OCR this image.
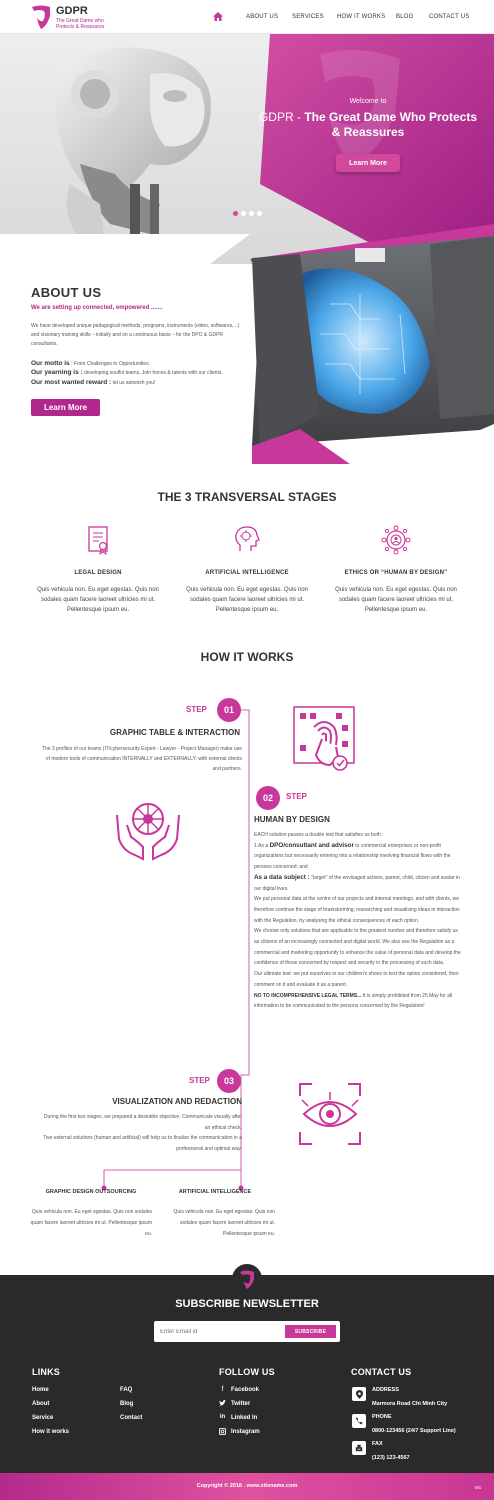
GDPR
The Great Dame who Protects & Reassures
ABOUT US SERVICES HOW IT WORKS BLOG	CONTACT US
Welcome to
GDPR - The Great Dame Who Protects & Reassures
Learn More
ABOUT US
We are setting up connected, empowered .......
We have developed unique pedagogical methods, programs, instruments (video, softwares,...) and visionary training skills – initially and on a continuous basis – for the DPO & GDPR consultants.
Our motto is : From Challenges to Opportunities.
Our yearning is : developing soulful teams, Join forces & talents with our clients.
Our most wanted reward : let us astonish you!
Learn More
THE 3 TRANSVERSAL STAGES
LEGAL DESIGN
Quis vehicula non. Eu eget egestas. Quis non sodales quam facere laoreet ultricies mi ut. Pellentesque ipsum eu.
ARTIFICIAL INTELLIGENCE
Quis vehicula non. Eu eget egestas. Quis non sodales quam facere laoreet ultricies mi ut. Pellentesque ipsum eu.
ETHICS OR “HUMAN BY DESIGN”
Quis vehicula non. Eu eget egestas. Quis non sodales quam facere laoreet ultricies mi ut. Pellentesque ipsum eu.
HOW IT WORKS
STEP	01
GRAPHIC TABLE & INTERACTION
The 3 profiles of our teams (IT/cybersecurity Expert - Lawyer - Project Manager) make use of modern tools of communication INTERNALLY and EXTERNALLY: with external clients and partners.
02	STEP
HUMAN BY DESIGN
EACH solution passes a double test that satisfies us both :
1.As a DPO/consultant and advisor to commercial enterprises or non-profit organizations but necessarily entering into a relationship involving financial flows with the persons concerned; and
As a data subject : "target" of the envisaged actions, parent, child, citizen and avatar in our digital lives.
We put personal data at the centre of our projects and internal meetings, and with clients, we therefore continue the stage of brainstorming, researching and visualising ideas in interaction with the Regulation, by analysing the ethical consequences of each option.
We choose only solutions that are applicable to the greatest number and therefore satisfy us as citizens of an increasingly connected and digital world. We also see the Regulation as a commercial and marketing opportunity to enhance the value of personal data and develop the confidence of those concerned by respect and security in the processing of such data.
Our ultimate test: we put ourselves in our children's shoes to test the option considered, then comment on it and evaluate it as a parent.
NO TO INCOMPREHENSIVE LEGAL TERMS... It is simply prohibited from 25 May for all information to be communicated to the persons concerned by the Regulation!
STEP	03
VISUALIZATION AND REDACTION
During the first two stages, we prepared a desirable objective: Communicate visually after an ethical check.
Two external solutions (human and artificial) will help us to finalize the communication in a professional and optimal way:
GRAPHIC DESIGN OUTSOURCING
Quis vehicula non. Eu eget egestas. Quis non sodales quam facere laoreet ultricies mi ut. Pellentesque ipsum eu.
ARTIFICIAL INTELLIGENCE
Quis vehicula non. Eu eget egestas. Quis non sodales quam facere laoreet ultricies mi ut. Pellentesque ipsum eu.
SUBSCRIBE NEWSLETTER
Enter Email id
SUBSCRIBE
LINKS
Home
About
Service
How it works
FAQ
Blog
Contact
FOLLOW US
f	Facebook
Twitter
in Linked In
Instagram
CONTACT US
ADDRESS
Marmora Road Chi Minh City
PHONE
0800-123456 (24/7 Support Line)
FAX
(123) 123-4567
Copyright © 2018 . www.sitename.com	M1
